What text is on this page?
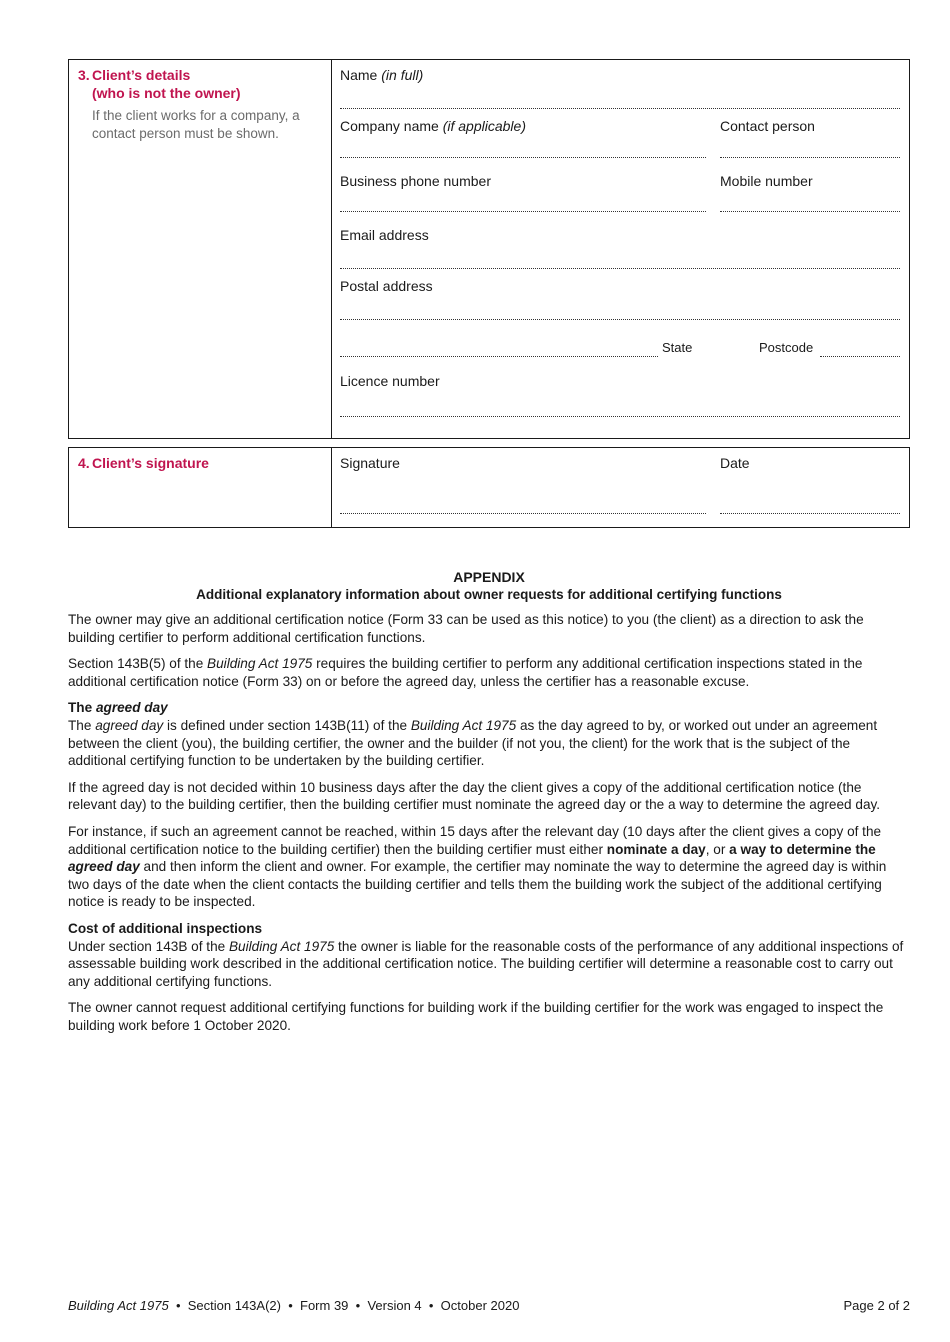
3. Client’s details
(who is not the owner)
If the client works for a company, a contact person must be shown.
Name (in full)
Company name (if applicable)	Contact person
Business phone number	Mobile number
Email address
Postal address
State	Postcode
Licence number
4. Client’s signature	Signature	Date
APPENDIX
Additional explanatory information about owner requests for additional certifying functions

The owner may give an additional certification notice (Form 33 can be used as this notice) to you (the client) as a direction to ask the building certifier to perform additional certification functions.

Section 143B(5) of the Building Act 1975 requires the building certifier to perform any additional certification inspections stated in the additional certification notice (Form 33) on or before the agreed day, unless the certifier has a reasonable excuse.

The agreed day

The agreed day is defined under section 143B(11) of the Building Act 1975 as the day agreed to by, or worked out under an agreement between the client (you), the building certifier, the owner and the builder (if not you, the client) for the work that is the subject of the additional certifying function to be undertaken by the building certifier.

If the agreed day is not decided within 10 business days after the day the client gives a copy of the additional certification notice (the relevant day) to the building certifier, then the building certifier must nominate the agreed day or the a way to determine the agreed day.

For instance, if such an agreement cannot be reached, within 15 days after the relevant day (10 days after the client gives a copy of the additional certification notice to the building certifier) then the building certifier must either nominate a day, or a way to determine the agreed day and then inform the client and owner. For example, the certifier may nominate the way to determine the agreed day is within two days of the date when the client contacts the building certifier and tells them the building work the subject of the additional certifying notice is ready to be inspected.

Cost of additional inspections

Under section 143B of the Building Act 1975 the owner is liable for the reasonable costs of the performance of any additional inspections of assessable building work described in the additional certification notice. The building certifier will determine a reasonable cost to carry out any additional certifying functions.

The owner cannot request additional certifying functions for building work if the building certifier for the work was engaged to inspect the building work before 1 October 2020.

Building Act 1975 • Section 143A(2) • Form 39 • Version 4 • October 2020	Page 2 of 2
